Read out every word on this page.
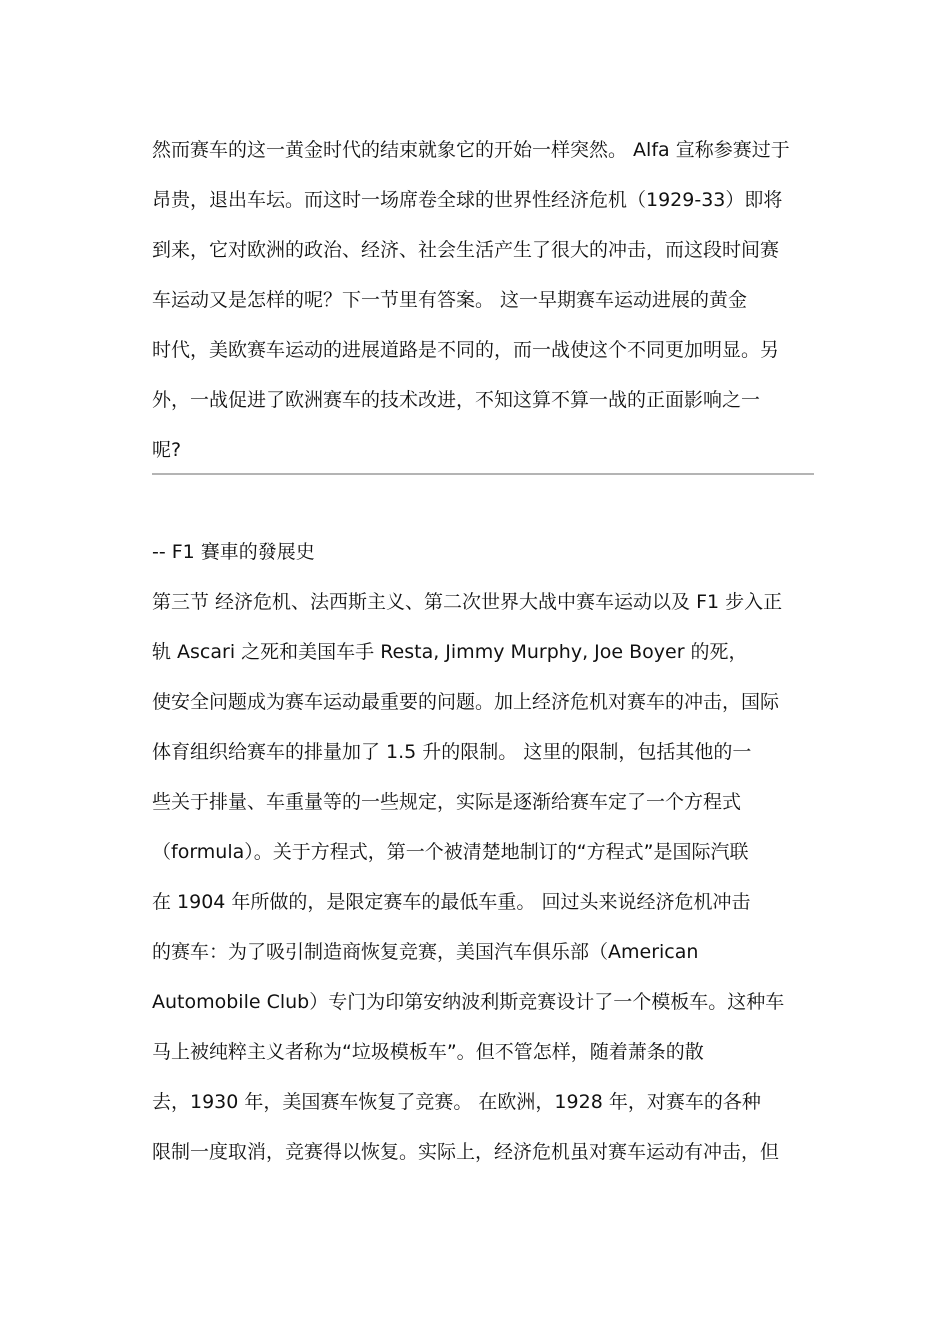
然而赛车的这一黄金时代的结束就象它的开始一样突然。 Alfa 宣称参赛过于
昂贵，退出车坛。而这时一场席卷全球的世界性经济危机（1929-33）即将
到来，它对欧洲的政治、经济、社会生活产生了很大的冲击，而这段时间赛
车运动又是怎样的呢？下一节里有答案。 这一早期赛车运动进展的黄金
时代，美欧赛车运动的进展道路是不同的，而一战使这个不同更加明显。另
外，一战促进了欧洲赛车的技术改进，不知这算不算一战的正面影响之一
呢?
-- F1 賽車的發展史
第三节 经济危机、法西斯主义、第二次世界大战中赛车运动以及 F1 步入正
轨 Ascari 之死和美国车手 Resta, Jimmy Murphy, Joe Boyer 的死，
使安全问题成为赛车运动最重要的问题。加上经济危机对赛车的冲击，国际
体育组织给赛车的排量加了 1.5 升的限制。 这里的限制，包括其他的一
些关于排量、车重量等的一些规定，实际是逐渐给赛车定了一个方程式
（formula）。关于方程式，第一个被清楚地制订的“方程式”是国际汽联
在 1904 年所做的，是限定赛车的最低车重。 回过头来说经济危机冲击
的赛车：为了吸引制造商恢复竞赛，美国汽车俱乐部（American
Automobile Club）专门为印第安纳波利斯竞赛设计了一个模板车。这种车
马上被纯粹主义者称为“垃圾模板车”。但不管怎样，随着萧条的散
去，1930 年，美国赛车恢复了竞赛。 在欧洲，1928 年，对赛车的各种
限制一度取消，竞赛得以恢复。实际上，经济危机虽对赛车运动有冲击，但
